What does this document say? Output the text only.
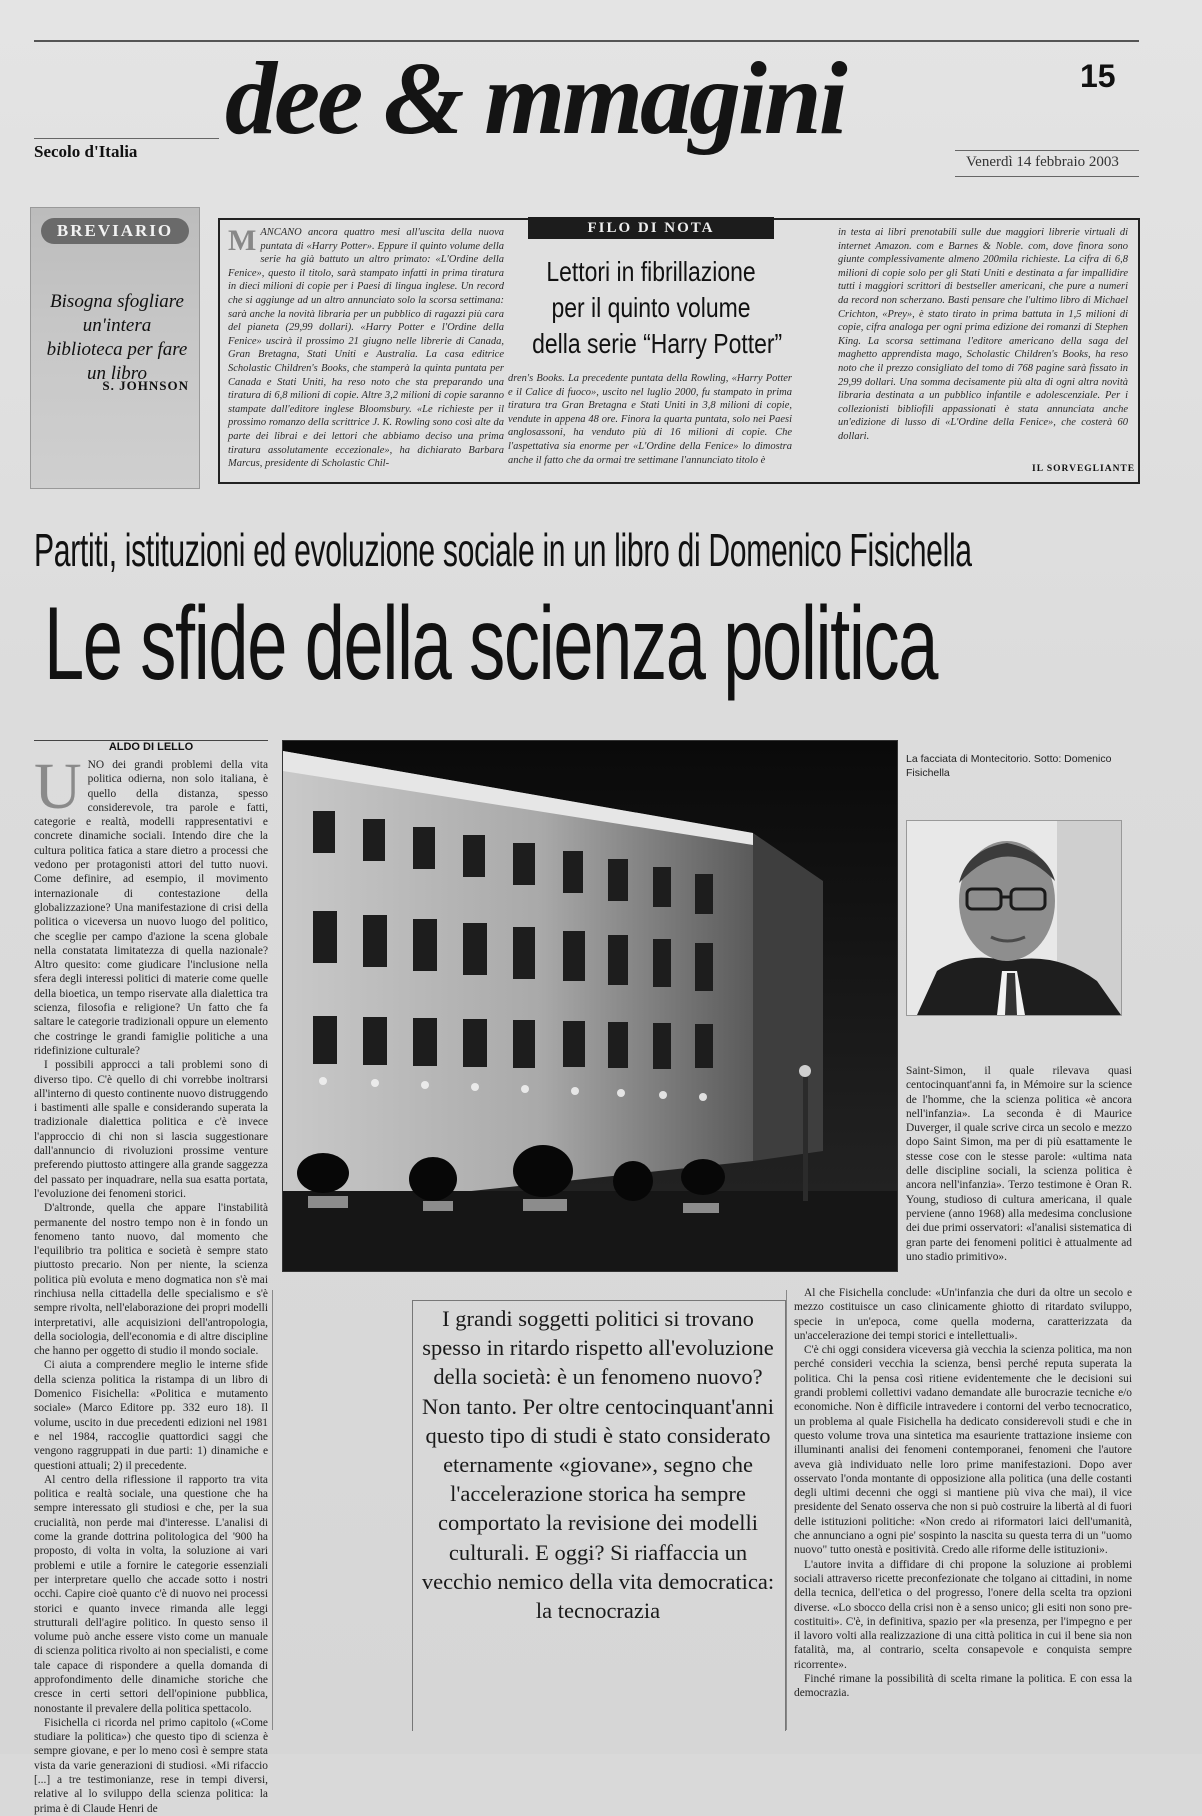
dee & mmagini	15
Secolo d'Italia
Venerdì 14 febbraio 2003
BREVIARIO
Bisogna sfogliare un'intera biblioteca per fare un libro
S. JOHNSON
FILO DI NOTA
MANCANO ancora quattro mesi all'uscita della nuova puntata di «Harry Potter». Eppure il quinto volume della serie ha già battuto un altro primato: «L'Ordine della Fenice», questo il titolo, sarà stampato infatti in prima tiratura in dieci milioni di copie per i Paesi di lingua inglese. Un record che si aggiunge ad un altro annunciato solo la scorsa settimana: sarà anche la novità libraria per un pubblico di ragazzi più cara del pianeta (29,99 dollari). «Harry Potter e l'Ordine della Fenice» uscirà il prossimo 21 giugno nelle librerie di Canada, Gran Bretagna, Stati Uniti e Australia. La casa editrice Scholastic Children's Books, che stamperà la quinta puntata per Canada e Stati Uniti, ha reso noto che sta preparando una tiratura di 6,8 milioni di copie. Altre 3,2 milioni di copie saranno stampate dall'editore inglese Bloomsbury. «Le richieste per il prossimo romanzo della scrittrice J. K. Rowling sono così alte da parte dei librai e dei lettori che abbiamo deciso una prima tiratura assolutamente eccezionale», ha dichiarato Barbara Marcus, presidente di Scholastic Chil-
Lettori in fibrillazione
per il quinto volume
della serie “Harry Potter”
dren's Books. La precedente puntata della Rowling, «Harry Potter e il Calice di fuoco», uscito nel luglio 2000, fu stampato in prima tiratura tra Gran Bretagna e Stati Uniti in 3,8 milioni di copie, vendute in appena 48 ore. Finora la quarta puntata, solo nei Paesi anglosassoni, ha venduto più di 16 milioni di copie. Che l'aspettativa sia enorme per «L'Ordine della Fenice» lo dimostra anche il fatto che da ormai tre settimane l'annunciato titolo è
in testa ai libri prenotabili sulle due maggiori librerie virtuali di internet Amazon. com e Barnes & Noble. com, dove finora sono giunte complessivamente almeno 200mila richieste. La cifra di 6,8 milioni di copie solo per gli Stati Uniti e destinata a far impallidire tutti i maggiori scrittori di bestseller americani, che pure a numeri da record non scherzano. Basti pensare che l'ultimo libro di Michael Crichton, «Prey», è stato tirato in prima battuta in 1,5 milioni di copie, cifra analoga per ogni prima edizione dei romanzi di Stephen King. La scorsa settimana l'editore americano della saga del maghetto apprendista mago, Scholastic Children's Books, ha reso noto che il prezzo consigliato del tomo di 768 pagine sarà fissato in 29,99 dollari. Una somma decisamente più alta di ogni altra novità libraria destinata a un pubblico infantile e adolescenziale. Per i collezionisti bibliofili appassionati è stata annunciata anche un'edizione di lusso di «L'Ordine della Fenice», che costerà 60 dollari.
IL SORVEGLIANTE
Partiti, istituzioni ed evoluzione sociale in un libro di Domenico Fisichella
Le sfide della scienza politica
ALDO DI LELLO

UNO dei grandi problemi della vita politica odierna, non solo italiana, è quello della distanza, spesso considerevole, tra parole e fatti, categorie e realtà, modelli rappresentativi e concrete dinamiche sociali. Intendo dire che la cultura politica fatica a stare dietro a processi che vedono per protagonisti attori del tutto nuovi. Come definire, ad esempio, il movimento internazionale di contestazione della globalizzazione? Una manifestazione di crisi della politica o viceversa un nuovo luogo del politico, che sceglie per campo d'azione la scena globale nella constatata limitatezza di quella nazionale? Altro quesito: come giudicare l'inclusione nella sfera degli interessi politici di materie come quelle della bioetica, un tempo riservate alla dialettica tra scienza, filosofia e religione? Un fatto che fa saltare le categorie tradizionali oppure un elemento che costringe le grandi famiglie politiche a una ridefinizione culturale?

I possibili approcci a tali problemi sono di diverso tipo. C'è quello di chi vorrebbe inoltrarsi all'interno di questo continente nuovo distruggendo i bastimenti alle spalle e considerando superata la tradizionale dialettica politica e c'è invece l'approccio di chi non si lascia suggestionare dall'annuncio di rivoluzioni prossime venture preferendo piuttosto attingere alla grande saggezza del passato per inquadrare, nella sua esatta portata, l'evoluzione dei fenomeni storici.

D'altronde, quella che appare l'instabilità permanente del nostro tempo non è in fondo un fenomeno tanto nuovo, dal momento che l'equilibrio tra politica e società è sempre stato piuttosto precario. Non per niente, la scienza politica più evoluta e meno dogmatica non s'è mai rinchiusa nella cittadella delle specialismo e s'è sempre rivolta, nell'elaborazione dei propri modelli interpretativi, alle acquisizioni dell'antropologia, della sociologia, dell'economia e di altre discipline che hanno per oggetto di studio il mondo sociale.

Ci aiuta a comprendere meglio le interne sfide della scienza politica la ristampa di un libro di Domenico Fisichella: «Politica e mutamento sociale» (Marco Editore pp. 332 euro 18). Il volume, uscito in due precedenti edizioni nel 1981 e nel 1984, raccoglie quattordici saggi che vengono raggruppati in due parti: 1) dinamiche e questioni attuali; 2) il precedente.

Al centro della riflessione il rapporto tra vita politica e realtà sociale, una questione che ha sempre interessato gli studiosi e che, per la sua crucialità, non perde mai d'interesse. L'analisi di come la grande dottrina politologica del '900 ha proposto, di volta in volta, la soluzione ai vari problemi e utile a fornire le categorie essenziali per interpretare quello che accade sotto i nostri occhi. Capire cioè quanto c'è di nuovo nei processi storici e quanto invece rimanda alle leggi strutturali dell'agire politico. In questo senso il volume può anche essere visto come un manuale di scienza politica rivolto ai non specialisti, e come tale capace di rispondere a quella domanda di approfondimento delle dinamiche storiche che cresce in certi settori dell'opinione pubblica, nonostante il prevalere della politica spettacolo.

Fisichella ci ricorda nel primo capitolo («Come studiare la politica») che questo tipo di scienza è sempre giovane, e per lo meno così è sempre stata vista da varie generazioni di studiosi. «Mi rifaccio [...] a tre testimonianze, rese in tempi diversi, relative al lo sviluppo della scienza politica: la prima è di Claude Henri de

La facciata di Montecitorio. Sotto: Domenico Fisichella

Saint-Simon, il quale rilevava quasi centocinquant'anni fa, in Mémoire sur la science de l'homme, che la scienza politica «è ancora nell'infanzia». La seconda è di Maurice Duverger, il quale scrive circa un secolo e mezzo dopo Saint Simon, ma per di più esattamente le stesse cose con le stesse parole: «ultima nata delle discipline sociali, la scienza politica è ancora nell'infanzia». Terzo testimone è Oran R. Young, studioso di cultura americana, il quale perviene (anno 1968) alla medesima conclusione dei due primi osservatori: «l'analisi sistematica di gran parte dei fenomeni politici è attualmente ad uno stadio primitivo».

Al che Fisichella conclude: «Un'infanzia che duri da oltre un secolo e mezzo costituisce un caso clinicamente ghiotto di ritardato sviluppo, specie in un'epoca, come quella moderna, caratterizzata da un'accelerazione dei tempi storici e intellettuali».

C'è chi oggi considera viceversa già vecchia la scienza politica, ma non perché consideri vecchia la scienza, bensì perché reputa superata la politica. Chi la pensa così ritiene evidentemente che le decisioni sui grandi problemi collettivi vadano demandate alle burocrazie tecniche e/o economiche. Non è difficile intravedere i contorni del verbo tecnocratico, un problema al quale Fisichella ha dedicato considerevoli studi e che in questo volume trova una sintetica ma esauriente trattazione insieme con illuminanti analisi dei fenomeni contemporanei, fenomeni che l'autore aveva già individuato nelle loro prime manifestazioni. Dopo aver osservato l'onda montante di opposizione alla politica (una delle costanti degli ultimi decenni che oggi si mantiene più viva che mai), il vice presidente del Senato osserva che non si può costruire la libertà al di fuori delle istituzioni politiche: «Non credo ai riformatori laici dell'umanità, che annunciano a ogni pie' sospinto la nascita su questa terra di un "uomo nuovo" tutto onestà e positività. Credo alle riforme delle istituzioni».

L'autore invita a diffidare di chi propone la soluzione ai problemi sociali attraverso ricette preconfezionate che tolgano ai cittadini, in nome della tecnica, dell'etica o del progresso, l'onere della scelta tra opzioni diverse. «Lo sbocco della crisi non è a senso unico; gli esiti non sono pre-costituiti». C'è, in definitiva, spazio per «la presenza, per l'impegno e per il lavoro volti alla realizzazione di una città politica in cui il bene sia non fatalità, ma, al contrario, scelta consapevole e conquista sempre ricorrente».

Finché rimane la possibilità di scelta rimane la politica. E con essa la democrazia.

I grandi soggetti politici si trovano spesso in ritardo rispetto all'evoluzione della società: è un fenomeno nuovo? Non tanto. Per oltre centocinquant'anni questo tipo di studi è stato considerato eternamente «giovane», segno che l'accelerazione storica ha sempre comportato la revisione dei modelli culturali. E oggi? Si riaffaccia un vecchio nemico della vita democratica: la tecnocrazia
